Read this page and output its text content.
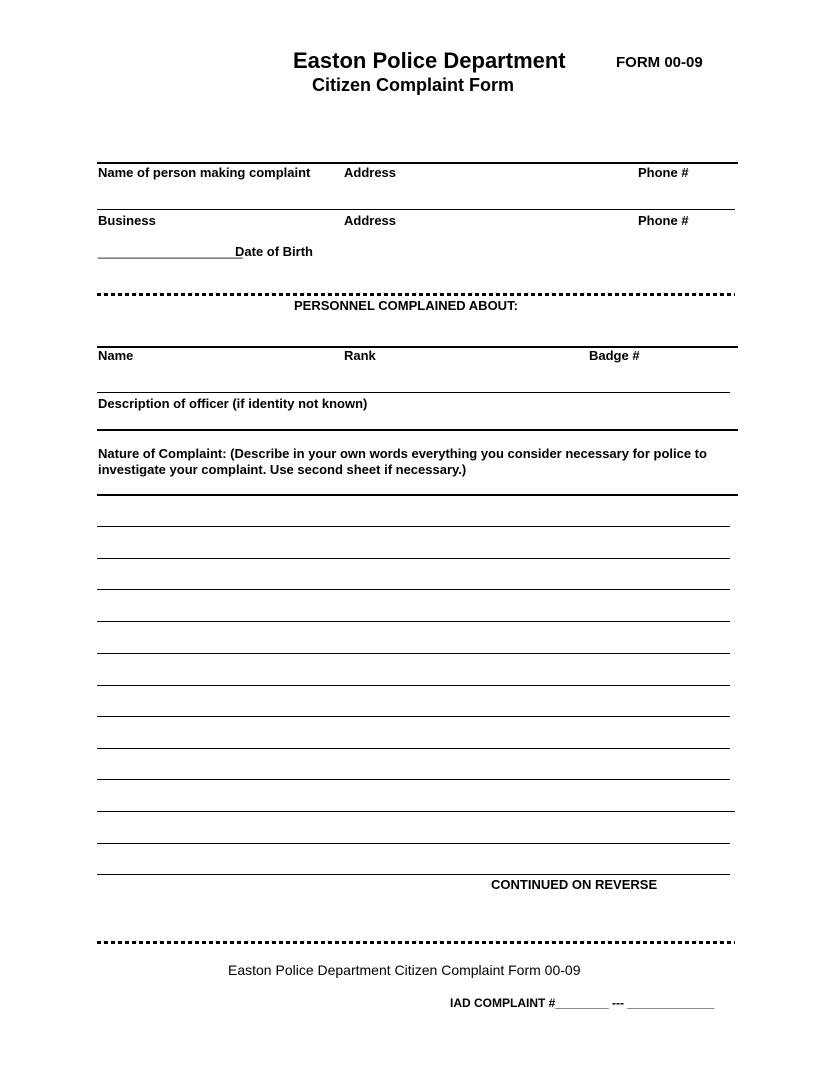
Easton Police Department	FORM 00-09
Citizen Complaint Form
Name of person making complaint	Address	Phone #
Business	Address	Phone #
____________________
Date of Birth
PERSONNEL COMPLAINED ABOUT:
Name	Rank	Badge #
Description of officer (if identity not known)
Nature of Complaint: (Describe in your own words everything you consider necessary for police to
investigate your complaint. Use second sheet if necessary.)
CONTINUED ON REVERSE
Easton Police Department Citizen Complaint Form 00-09
IAD COMPLAINT #________ --- _____________
